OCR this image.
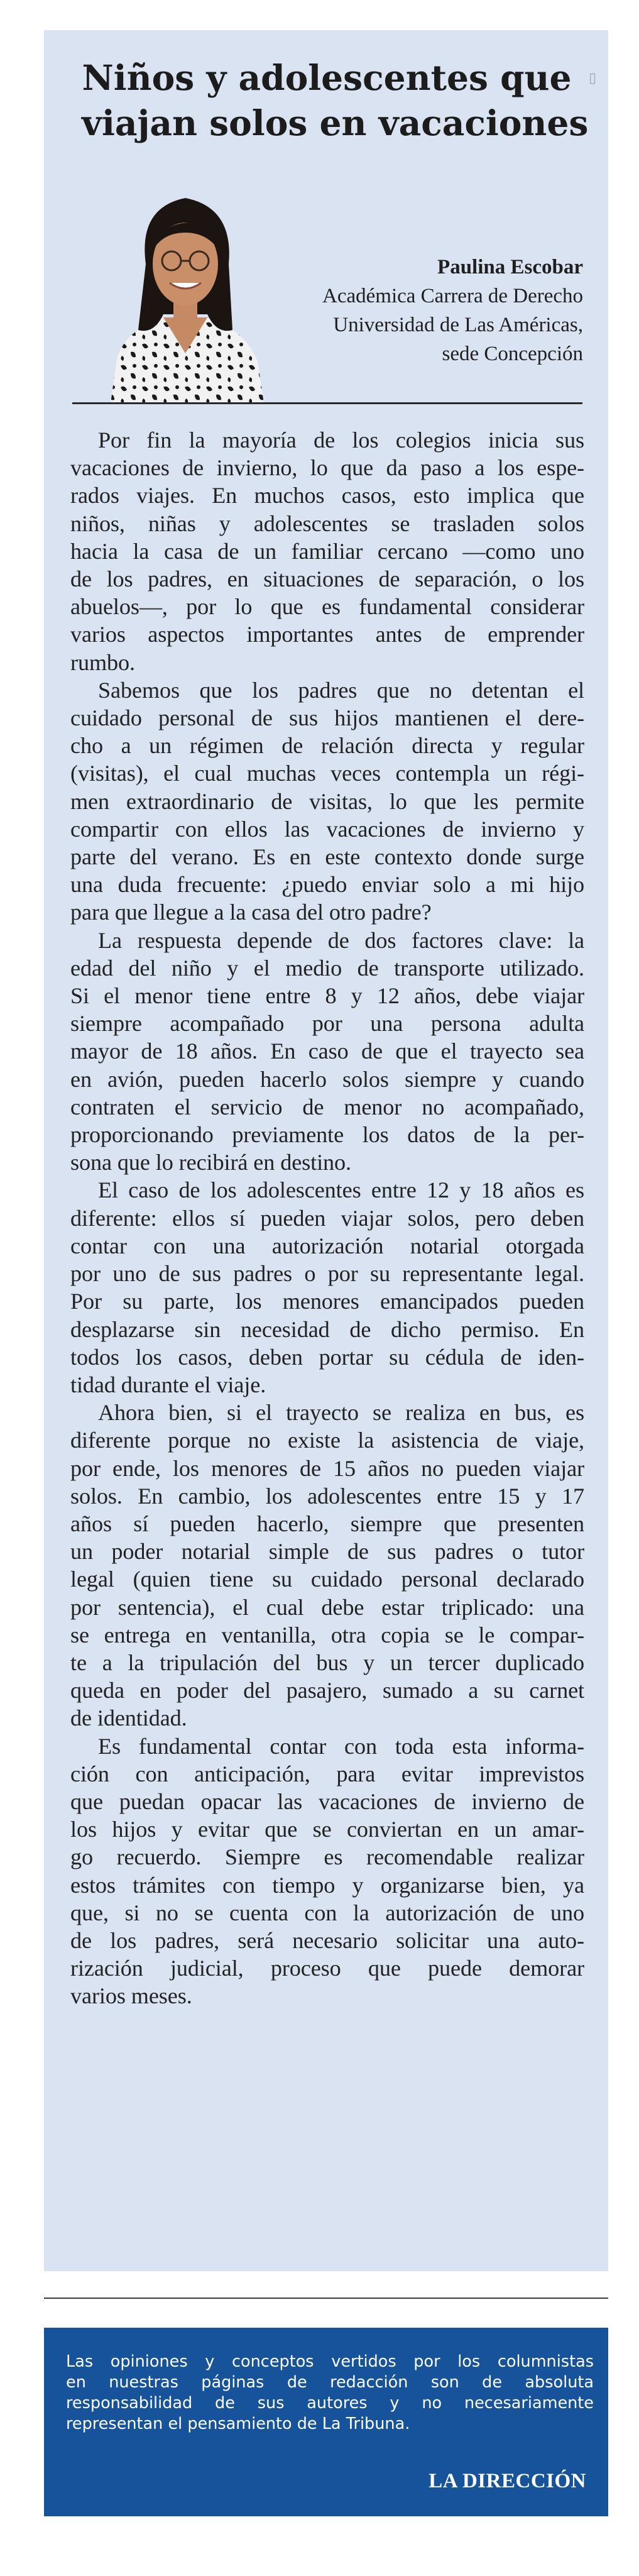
▯
Niños y adolescentes que
viajan solos en vacaciones
Paulina Escobar
Académica Carrera de Derecho
Universidad de Las Américas,
sede Concepción
Por fin la mayoría de los colegios inicia sus
vacaciones de invierno, lo que da paso a los espe-
rados viajes. En muchos casos, esto implica que
niños, niñas y adolescentes se trasladen solos
hacia la casa de un familiar cercano —como uno
de los padres, en situaciones de separación, o los
abuelos—, por lo que es fundamental considerar
varios aspectos importantes antes de emprender
rumbo.
Sabemos que los padres que no detentan el
cuidado personal de sus hijos mantienen el dere-
cho a un régimen de relación directa y regular
(visitas), el cual muchas veces contempla un régi-
men extraordinario de visitas, lo que les permite
compartir con ellos las vacaciones de invierno y
parte del verano. Es en este contexto donde surge
una duda frecuente: ¿puedo enviar solo a mi hijo
para que llegue a la casa del otro padre?
La respuesta depende de dos factores clave: la
edad del niño y el medio de transporte utilizado.
Si el menor tiene entre 8 y 12 años, debe viajar
siempre acompañado por una persona adulta
mayor de 18 años. En caso de que el trayecto sea
en avión, pueden hacerlo solos siempre y cuando
contraten el servicio de menor no acompañado,
proporcionando previamente los datos de la per-
sona que lo recibirá en destino.
El caso de los adolescentes entre 12 y 18 años es
diferente: ellos sí pueden viajar solos, pero deben
contar con una autorización notarial otorgada
por uno de sus padres o por su representante legal.
Por su parte, los menores emancipados pueden
desplazarse sin necesidad de dicho permiso. En
todos los casos, deben portar su cédula de iden-
tidad durante el viaje.
Ahora bien, si el trayecto se realiza en bus, es
diferente porque no existe la asistencia de viaje,
por ende, los menores de 15 años no pueden viajar
solos. En cambio, los adolescentes entre 15 y 17
años sí pueden hacerlo, siempre que presenten
un poder notarial simple de sus padres o tutor
legal (quien tiene su cuidado personal declarado
por sentencia), el cual debe estar triplicado: una
se entrega en ventanilla, otra copia se le compar-
te a la tripulación del bus y un tercer duplicado
queda en poder del pasajero, sumado a su carnet
de identidad.
Es fundamental contar con toda esta informa-
ción con anticipación, para evitar imprevistos
que puedan opacar las vacaciones de invierno de
los hijos y evitar que se conviertan en un amar-
go recuerdo. Siempre es recomendable realizar
estos trámites con tiempo y organizarse bien, ya
que, si no se cuenta con la autorización de uno
de los padres, será necesario solicitar una auto-
rización judicial, proceso que puede demorar
varios meses.
Las opiniones y conceptos vertidos por los columnistas
en nuestras páginas de redacción son de absoluta
responsabilidad de sus autores y no necesariamente
representan el pensamiento de La Tribuna.
LA DIRECCIÓN
